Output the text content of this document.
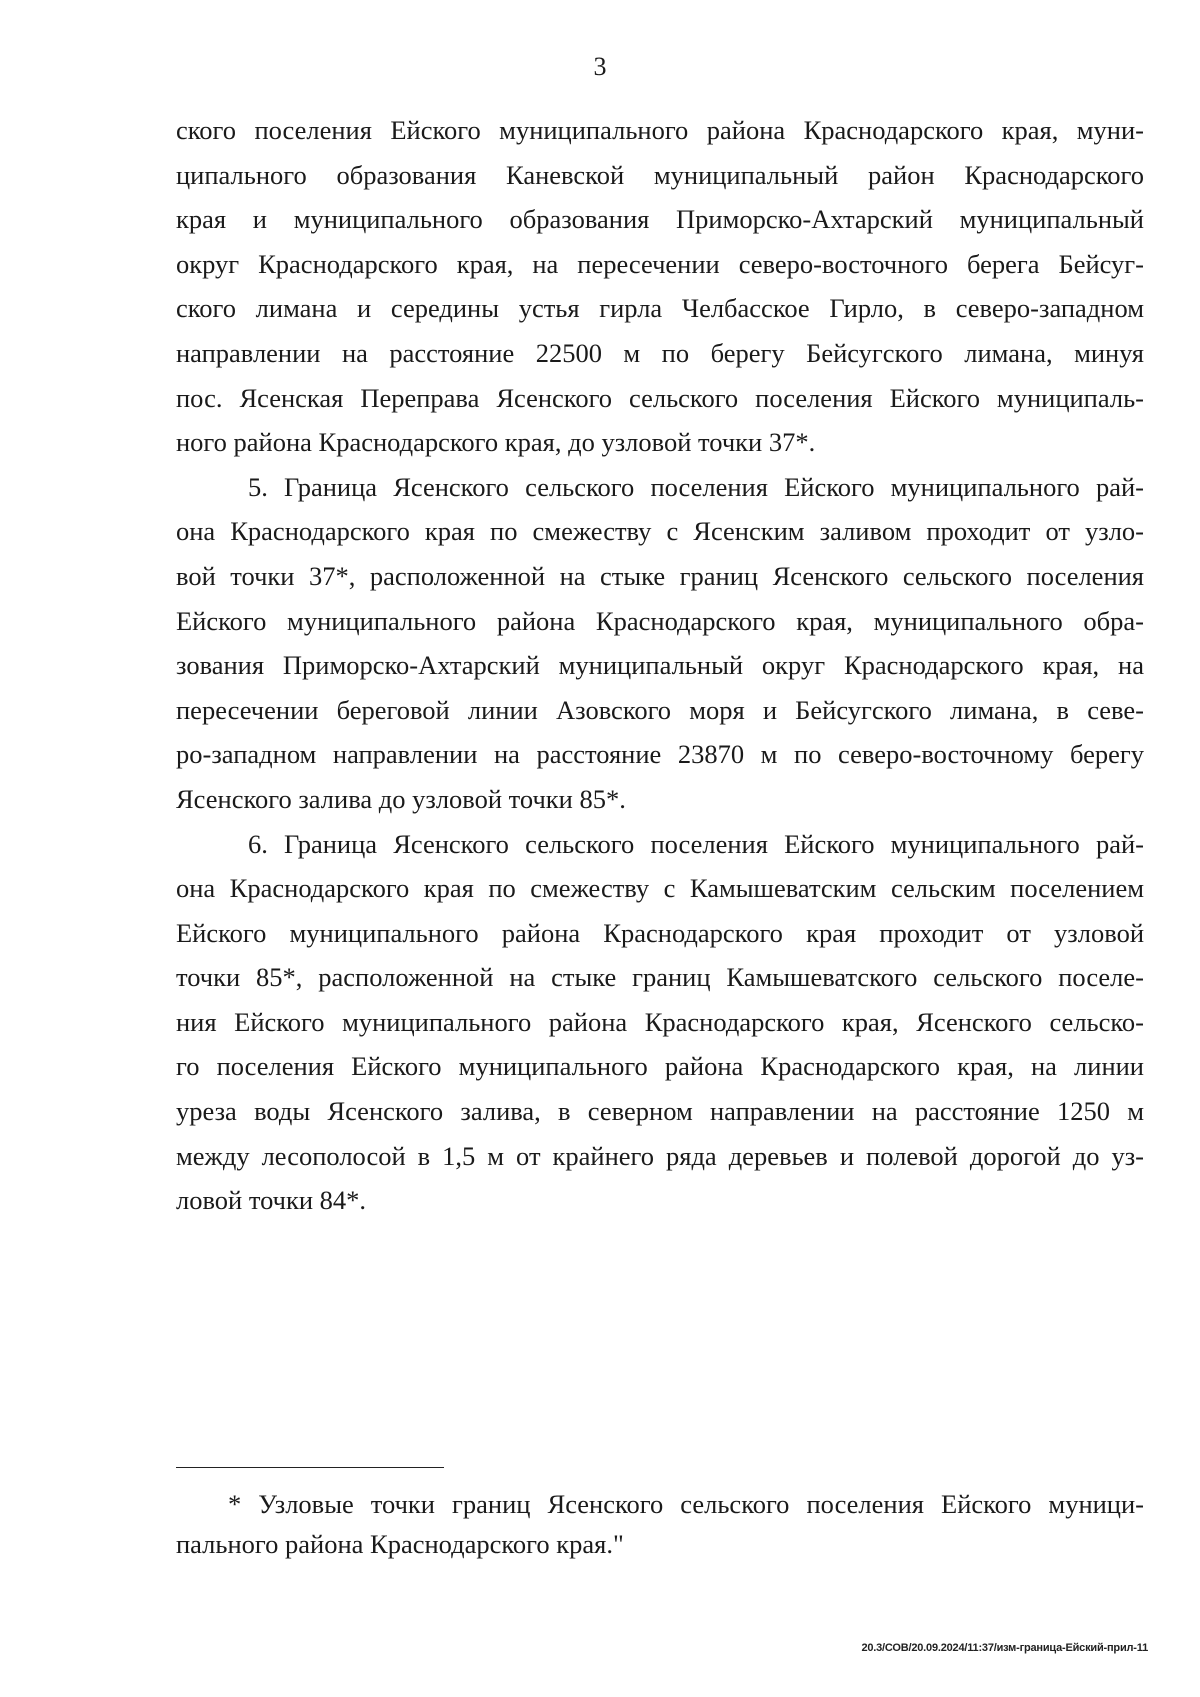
3

ского поселения Ейского муниципального района Краснодарского края, муни-
ципального образования Каневской муниципальный район Краснодарского
края и муниципального образования Приморско-Ахтарский муниципальный
округ Краснодарского края, на пересечении северо-восточного берега Бейсуг-
ского лимана и середины устья гирла Челбасское Гирло, в северо-западном
направлении на расстояние 22500 м по берегу Бейсугского лимана, минуя
пос. Ясенская Переправа Ясенского сельского поселения Ейского муниципаль-
ного района Краснодарского края, до узловой точки 37*.

5. Граница Ясенского сельского поселения Ейского муниципального рай-
она Краснодарского края по смежеству с Ясенским заливом проходит от узло-
вой точки 37*, расположенной на стыке границ Ясенского сельского поселения
Ейского муниципального района Краснодарского края, муниципального обра-
зования Приморско-Ахтарский муниципальный округ Краснодарского края, на
пересечении береговой линии Азовского моря и Бейсугского лимана, в севе-
ро-западном направлении на расстояние 23870 м по северо-восточному берегу
Ясенского залива до узловой точки 85*.

6. Граница Ясенского сельского поселения Ейского муниципального рай-
она Краснодарского края по смежеству с Камышеватским сельским поселением
Ейского муниципального района Краснодарского края проходит от узловой
точки 85*, расположенной на стыке границ Камышеватского сельского поселе-
ния Ейского муниципального района Краснодарского края, Ясенского сельско-
го поселения Ейского муниципального района Краснодарского края, на линии
уреза воды Ясенского залива, в северном направлении на расстояние 1250 м
между лесополосой в 1,5 м от крайнего ряда деревьев и полевой дорогой до уз-
ловой точки 84*.

* Узловые точки границ Ясенского сельского поселения Ейского муници-
пального района Краснодарского края."
20.3/СОВ/20.09.2024/11:37/изм-граница-Ейский-прил-11
